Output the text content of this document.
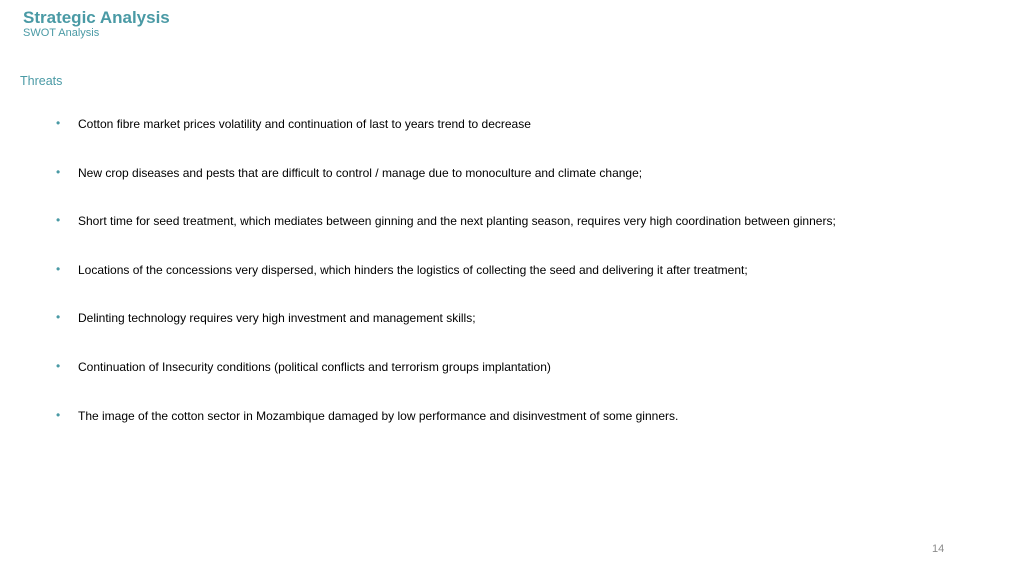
Strategic Analysis
SWOT Analysis
Threats
• Cotton fibre market prices volatility and continuation of last to years trend to decrease
• New crop diseases and pests that are difficult to control / manage due to monoculture and climate change;
• Short time for seed treatment, which mediates between ginning and the next planting season, requires very high coordination between ginners;
• Locations of the concessions very dispersed, which hinders the logistics of collecting the seed and delivering it after treatment;
• Delinting technology requires very high investment and management skills;
• Continuation of Insecurity conditions (political conflicts and terrorism groups implantation)
• The image of the cotton sector in Mozambique damaged by low performance and disinvestment of some ginners.
14
